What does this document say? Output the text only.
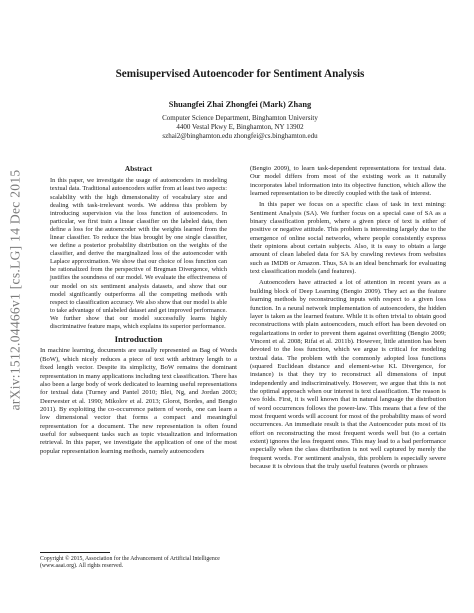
arXiv:1512.04466v1 [cs.LG] 14 Dec 2015
Semisupervised Autoencoder for Sentiment Analysis

Shuangfei Zhai Zhongfei (Mark) Zhang

Computer Science Department, Binghamton University

4400 Vestal Pkwy E, Binghamton, NY 13902

szhai2@binghamton.edu zhongfei@cs.binghamton.edu

Abstract

In this paper, we investigate the usage of autoencoders in modeling textual data. Traditional autoencoders suffer from at least two aspects: scalability with the high dimensionality of vocabulary size and dealing with task-irrelevant words. We address this problem by introducing supervision via the loss function of autoencoders. In particular, we first train a linear classifier on the labeled data, then define a loss for the autoencoder with the weights learned from the linear classifier. To reduce the bias brought by one single classifier, we define a posterior probability distribution on the weights of the classifier, and derive the marginalized loss of the autoencoder with Laplace approximation. We show that our choice of loss function can be rationalized from the perspective of Bregman Divergence, which justifies the soundness of our model. We evaluate the effectiveness of our model on six sentiment analysis datasets, and show that our model significantly outperforms all the competing methods with respect to classification accuracy. We also show that our model is able to take advantage of unlabeled dataset and get improved performance. We further show that our model successfully learns highly discriminative feature maps, which explains its superior performance.

Introduction

In machine learning, documents are usually represented as Bag of Words (BoW), which nicely reduces a piece of text with arbitrary length to a fixed length vector. Despite its simplicity, BoW remains the dominant representation in many applications including text classification. There has also been a large body of work dedicated to learning useful representations for textual data (Turney and Pantel 2010; Blei, Ng, and Jordan 2003; Deerwester et al. 1990; Mikolov et al. 2013; Glorot, Bordes, and Bengio 2011). By exploiting the co-occurrence pattern of words, one can learn a low dimensional vector that forms a compact and meaningful representation for a document. The new representation is often found useful for subsequent tasks such as topic visualization and information retrieval. In this paper, we investigate the application of one of the most popular representation learning methods, namely autoencoders

(Bengio 2009), to learn task-dependent representations for textual data. Our model differs from most of the existing work as it naturally incorporates label information into its objective function, which allow the learned representation to be directly coupled with the task of interest.

In this paper we focus on a specific class of task in text mining: Sentiment Analysis (SA). We further focus on a special case of SA as a binary classification problem, where a given piece of text is either of positive or negative attitude. This problem is interesting largely due to the emergence of online social networks, where people consistently express their opinions about certain subjects. Also, it is easy to obtain a large amount of clean labeled data for SA by crawling reviews from websites such as IMDB or Amazon. Thus, SA is an ideal benchmark for evaluating text classification models (and features).

Autoencoders have attracted a lot of attention in recent years as a building block of Deep Learning (Bengio 2009). They act as the feature learning methods by reconstructing inputs with respect to a given loss function. In a neural network implementation of autoencoders, the hidden layer is taken as the learned feature. While it is often trivial to obtain good reconstructions with plain autoencoders, much effort has been devoted on regularizations in order to prevent them against overfitting (Bengio 2009; Vincent et al. 2008; Rifai et al. 2011b). However, little attention has been devoted to the loss function, which we argue is critical for modeling textual data. The problem with the commonly adopted loss functions (squared Euclidean distance and element-wise KL Divergence, for instance) is that they try to reconstruct all dimensions of input independently and indiscriminatively. However, we argue that this is not the optimal approach when our interest is text classification. The reason is two folds. First, it is well known that in natural language the distribution of word occurrences follows the power-law. This means that a few of the most frequent words will account for most of the probability mass of word occurrences. An immediate result is that the Autoencoder puts most of its effort on reconstructing the most frequent words well but (to a certain extent) ignores the less frequent ones. This may lead to a bad performance especially when the class distribution is not well captured by merely the frequent words. For sentiment analysis, this problem is especially severe because it is obvious that the truly useful features (words or phrases

Copyright © 2015, Association for the Advancement of Artificial Intelligence (www.aaai.org). All rights reserved.
